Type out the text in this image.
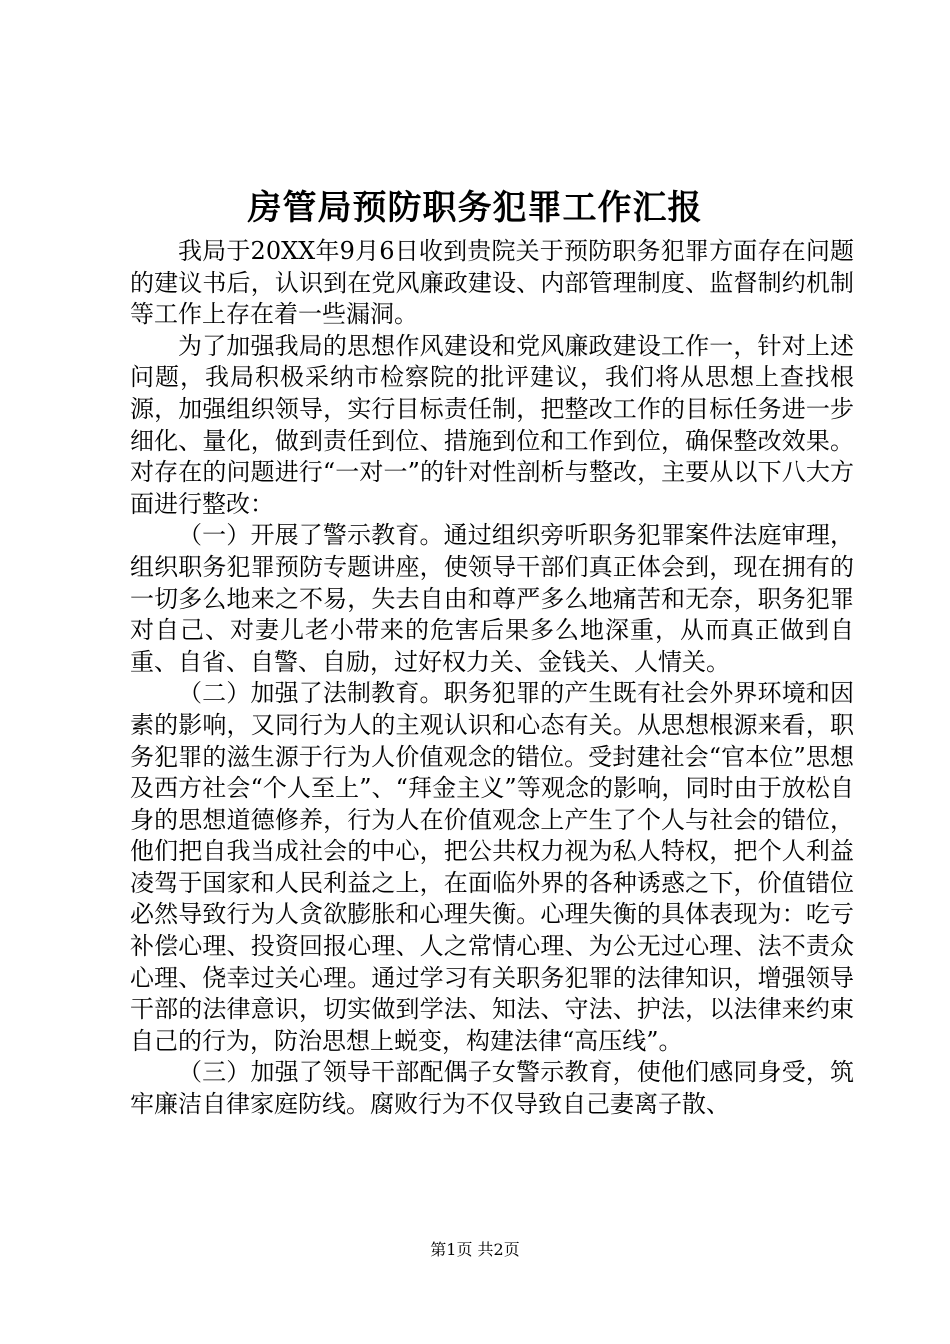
房管局预防职务犯罪工作汇报

我局于20XX年9月6日收到贵院关于预防职务犯罪方面存在问题的建议书后，认识到在党风廉政建设、内部管理制度、监督制约机制等工作上存在着一些漏洞。

为了加强我局的思想作风建设和党风廉政建设工作一，针对上述问题，我局积极采纳市检察院的批评建议，我们将从思想上查找根源，加强组织领导，实行目标责任制，把整改工作的目标任务进一步细化、量化，做到责任到位、措施到位和工作到位，确保整改效果。对存在的问题进行“一对一”的针对性剖析与整改，主要从以下八大方面进行整改：

（一）开展了警示教育。通过组织旁听职务犯罪案件法庭审理，组织职务犯罪预防专题讲座，使领导干部们真正体会到，现在拥有的一切多么地来之不易，失去自由和尊严多么地痛苦和无奈，职务犯罪对自己、对妻儿老小带来的危害后果多么地深重，从而真正做到自重、自省、自警、自励，过好权力关、金钱关、人情关。

（二）加强了法制教育。职务犯罪的产生既有社会外界环境和因素的影响，又同行为人的主观认识和心态有关。从思想根源来看，职务犯罪的滋生源于行为人价值观念的错位。受封建社会“官本位”思想及西方社会“个人至上”、“拜金主义”等观念的影响，同时由于放松自身的思想道德修养，行为人在价值观念上产生了个人与社会的错位，他们把自我当成社会的中心，把公共权力视为私人特权，把个人利益凌驾于国家和人民利益之上，在面临外界的各种诱惑之下，价值错位必然导致行为人贪欲膨胀和心理失衡。心理失衡的具体表现为：吃亏补偿心理、投资回报心理、人之常情心理、为公无过心理、法不责众心理、侥幸过关心理。通过学习有关职务犯罪的法律知识，增强领导干部的法律意识，切实做到学法、知法、守法、护法，以法律来约束自己的行为，防治思想上蜕变，构建法律“高压线”。

（三）加强了领导干部配偶子女警示教育，使他们感同身受，筑牢廉洁自律家庭防线。腐败行为不仅导致自己妻离子散、

第1页 共2页
